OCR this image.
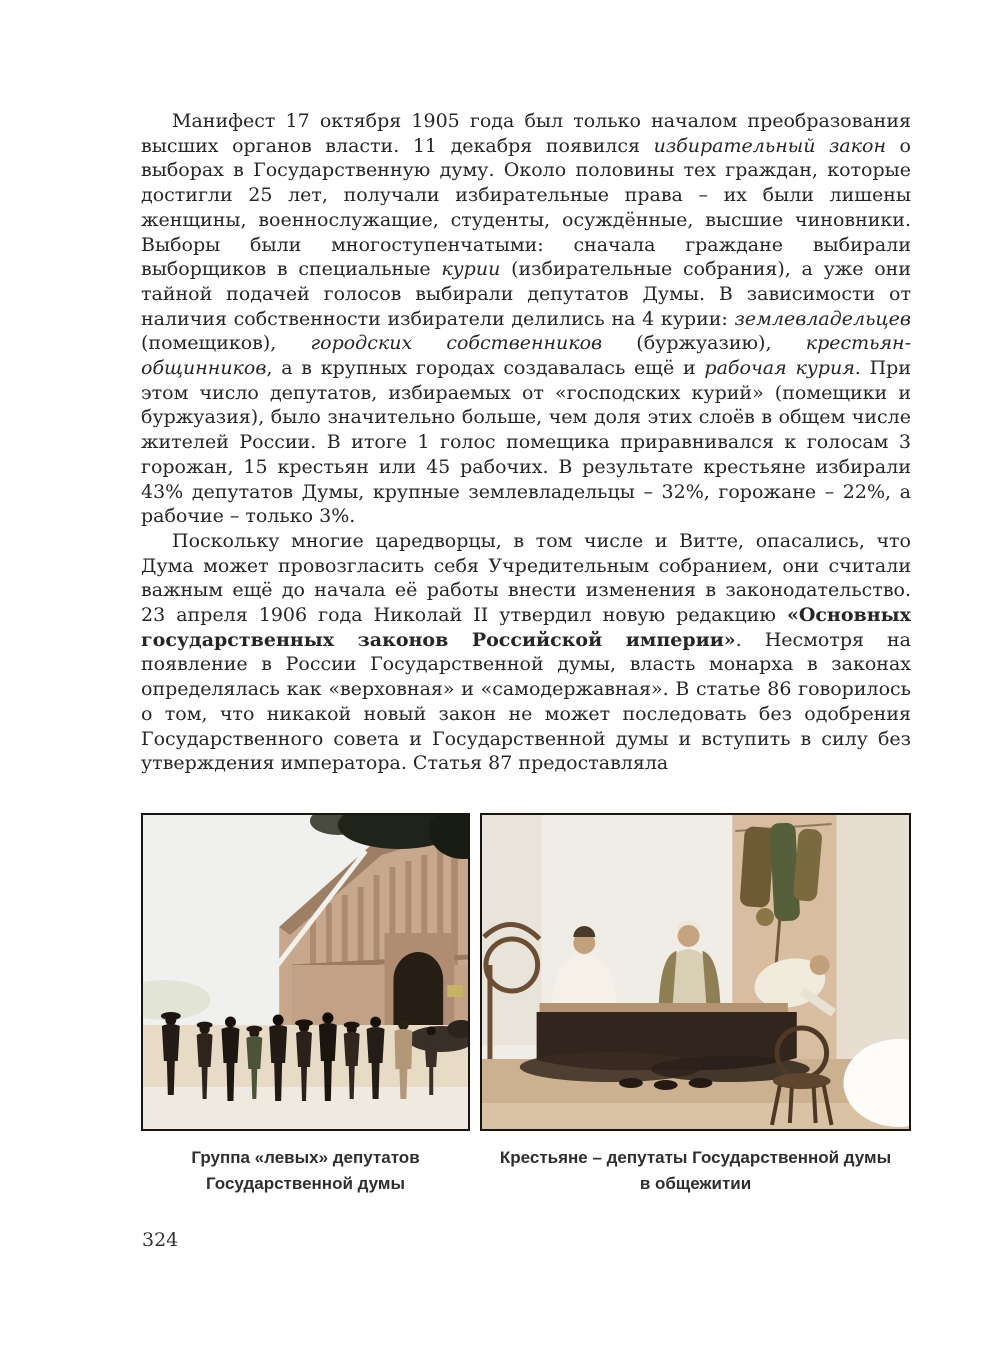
Манифест 17 октября 1905 года был только началом преобразования высших органов власти. 11 декабря появился избирательный закон о выборах в Государственную думу. Около половины тех граждан, которые достигли 25 лет, получали избирательные права – их были лишены женщины, военнослужащие, студенты, осуждённые, высшие чиновники. Выборы были многоступенчатыми: сначала граждане выбирали выборщиков в специальные курии (избирательные собрания), а уже они тайной подачей голосов выбирали депутатов Думы. В зависимости от наличия собственности избиратели делились на 4 курии: землевладельцев (помещиков), городских собственников (буржуазию), крестьян-общинников, а в крупных городах создавалась ещё и рабочая курия. При этом число депутатов, избираемых от «господских курий» (помещики и буржуазия), было значительно больше, чем доля этих слоёв в общем числе жителей России. В итоге 1 голос помещика приравнивался к голосам 3 горожан, 15 крестьян или 45 рабочих. В результате крестьяне избирали 43% депутатов Думы, крупные землевладельцы – 32%, горожане – 22%, а рабочие – только 3%.

Поскольку многие царедворцы, в том числе и Витте, опасались, что Дума может провозгласить себя Учредительным собранием, они считали важным ещё до начала её работы внести изменения в законодательство. 23 апреля 1906 года Николай II утвердил новую редакцию «Основных государственных законов Российской империи». Несмотря на появление в России Государственной думы, власть монарха в законах определялась как «верховная» и «самодержавная». В статье 86 говорилось о том, что никакой новый закон не может последовать без одобрения Государственного совета и Государственной думы и вступить в силу без утверждения императора. Статья 87 предоставляла

Группа «левых» депутатов
Государственной думы
Крестьяне – депутаты Государственной думы
в общежитии
324
